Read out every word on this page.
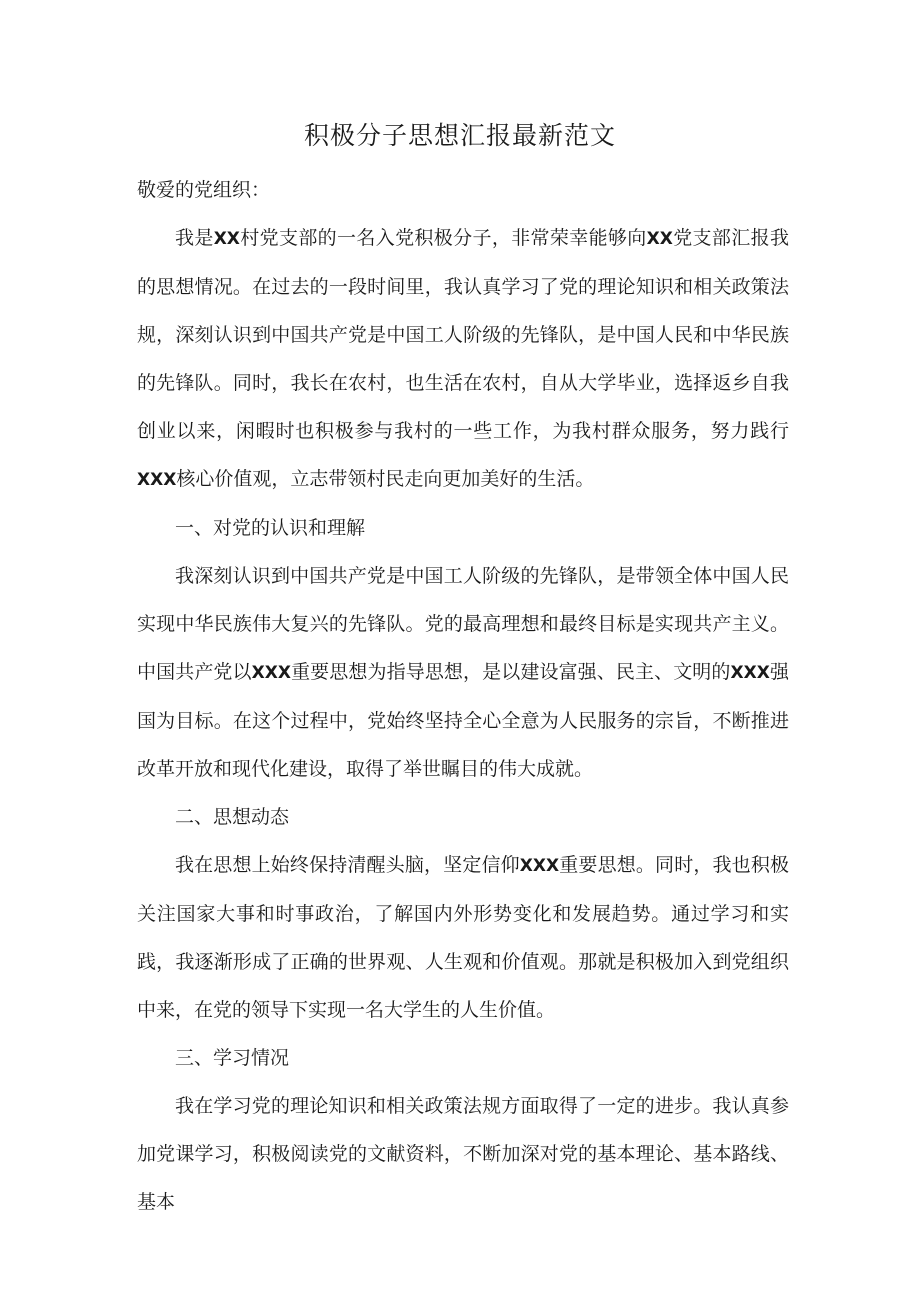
积极分子思想汇报最新范文

敬爱的党组织：

我是XX村党支部的一名入党积极分子，非常荣幸能够向XX党支部汇报我的思想情况。在过去的一段时间里，我认真学习了党的理论知识和相关政策法规，深刻认识到中国共产党是中国工人阶级的先锋队，是中国人民和中华民族的先锋队。同时，我长在农村，也生活在农村，自从大学毕业，选择返乡自我创业以来，闲暇时也积极参与我村的一些工作，为我村群众服务，努力践行XXX核心价值观，立志带领村民走向更加美好的生活。

一、对党的认识和理解

我深刻认识到中国共产党是中国工人阶级的先锋队，是带领全体中国人民实现中华民族伟大复兴的先锋队。党的最高理想和最终目标是实现共产主义。中国共产党以XXX重要思想为指导思想，是以建设富强、民主、文明的XXX强国为目标。在这个过程中，党始终坚持全心全意为人民服务的宗旨，不断推进改革开放和现代化建设，取得了举世瞩目的伟大成就。

二、思想动态

我在思想上始终保持清醒头脑，坚定信仰XXX重要思想。同时，我也积极关注国家大事和时事政治，了解国内外形势变化和发展趋势。通过学习和实践，我逐渐形成了正确的世界观、人生观和价值观。那就是积极加入到党组织中来，在党的领导下实现一名大学生的人生价值。

三、学习情况

我在学习党的理论知识和相关政策法规方面取得了一定的进步。我认真参加党课学习，积极阅读党的文献资料，不断加深对党的基本理论、基本路线、基本
